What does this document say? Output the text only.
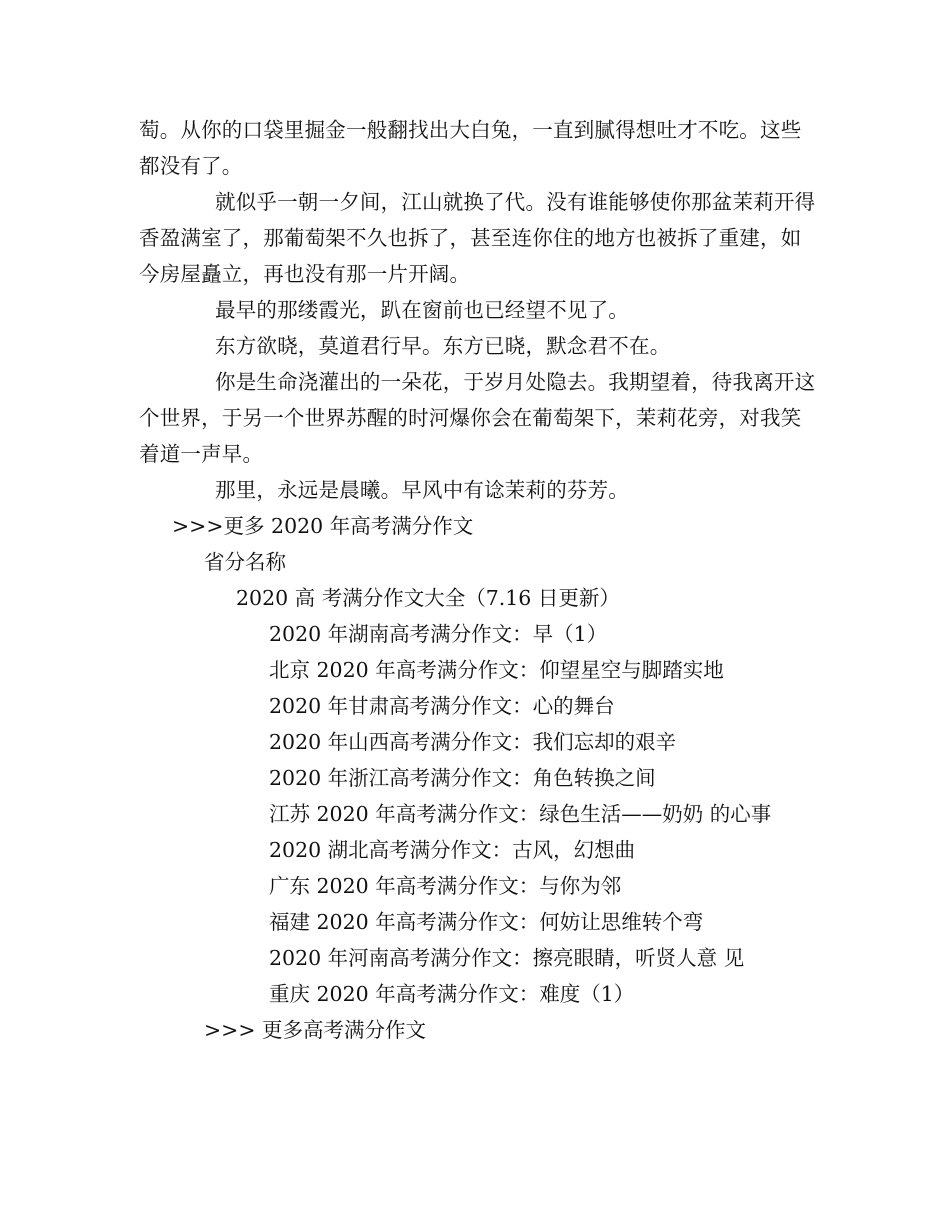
萄。从你的口袋里掘金一般翻找出大白兔，一直到腻得想吐才不吃。这些都没有了。

就似乎一朝一夕间，江山就换了代。没有谁能够使你那盆茉莉开得香盈满室了，那葡萄架不久也拆了，甚至连你住的地方也被拆了重建，如今房屋矗立，再也没有那一片开阔。

最早的那缕霞光，趴在窗前也已经望不见了。

东方欲晓，莫道君行早。东方已晓，默念君不在。

你是生命浇灌出的一朵花，于岁月处隐去。我期望着，待我离开这个世界，于另一个世界苏醒的时河爆你会在葡萄架下，茉莉花旁，对我笑着道一声早。

那里，永远是晨曦。早风中有谂茉莉的芬芳。

>>>更多 2020 年高考满分作文
省分名称
2020 高 考满分作文大全（7.16 日更新）
2020 年湖南高考满分作文：早（1）
北京 2020 年高考满分作文：仰望星空与脚踏实地
2020 年甘肃高考满分作文：心的舞台
2020 年山西高考满分作文：我们忘却的艰辛
2020 年浙江高考满分作文：角色转换之间
江苏 2020 年高考满分作文：绿色生活——奶奶 的心事
2020 湖北高考满分作文：古风，幻想曲
广东 2020 年高考满分作文：与你为邻
福建 2020 年高考满分作文：何妨让思维转个弯
2020 年河南高考满分作文：擦亮眼睛，听贤人意 见
重庆 2020 年高考满分作文：难度（1）
>>> 更多高考满分作文
